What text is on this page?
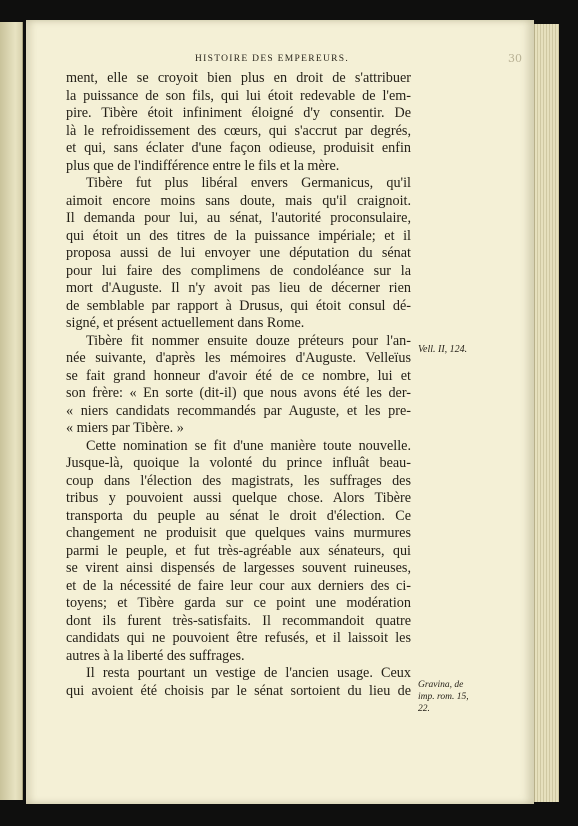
HISTOIRE DES EMPEREURS.	30
ment, elle se croyoit bien plus en droit de s'attribuer
la puissance de son fils, qui lui étoit redevable de l'em-
pire. Tibère étoit infiniment éloigné d'y consentir. De
là le refroidissement des cœurs, qui s'accrut par degrés,
et qui, sans éclater d'une façon odieuse, produisit enfin
plus que de l'indifférence entre le fils et la mère.
Tibère fut plus libéral envers Germanicus, qu'il
aimoit encore moins sans doute, mais qu'il craignoit.
Il demanda pour lui, au sénat, l'autorité proconsulaire,
qui étoit un des titres de la puissance impériale; et il
proposa aussi de lui envoyer une députation du sénat
pour lui faire des complimens de condoléance sur la
mort d'Auguste. Il n'y avoit pas lieu de décerner rien
de semblable par rapport à Drusus, qui étoit consul dé-
signé, et présent actuellement dans Rome.
Tibère fit nommer ensuite douze préteurs pour l'an-
née suivante, d'après les mémoires d'Auguste. Velleïus
se fait grand honneur d'avoir été de ce nombre, lui et
son frère: « En sorte (dit-il) que nous avons été les der-
« niers candidats recommandés par Auguste, et les pre-
« miers par Tibère. »
Cette nomination se fit d'une manière toute nouvelle.
Jusque-là, quoique la volonté du prince influât beau-
coup dans l'élection des magistrats, les suffrages des
tribus y pouvoient aussi quelque chose. Alors Tibère
transporta du peuple au sénat le droit d'élection. Ce
changement ne produisit que quelques vains murmures
parmi le peuple, et fut très-agréable aux sénateurs, qui
se virent ainsi dispensés de largesses souvent ruineuses,
et de la nécessité de faire leur cour aux derniers des ci-
toyens; et Tibère garda sur ce point une modération
dont ils furent très-satisfaits. Il recommandoit quatre
candidats qui ne pouvoient être refusés, et il laissoit les
autres à la liberté des suffrages.
Il resta pourtant un vestige de l'ancien usage. Ceux
qui avoient été choisis par le sénat sortoient du lieu de
Vell. II, 124.
Gravina, de
imp. rom. 15,
22.
